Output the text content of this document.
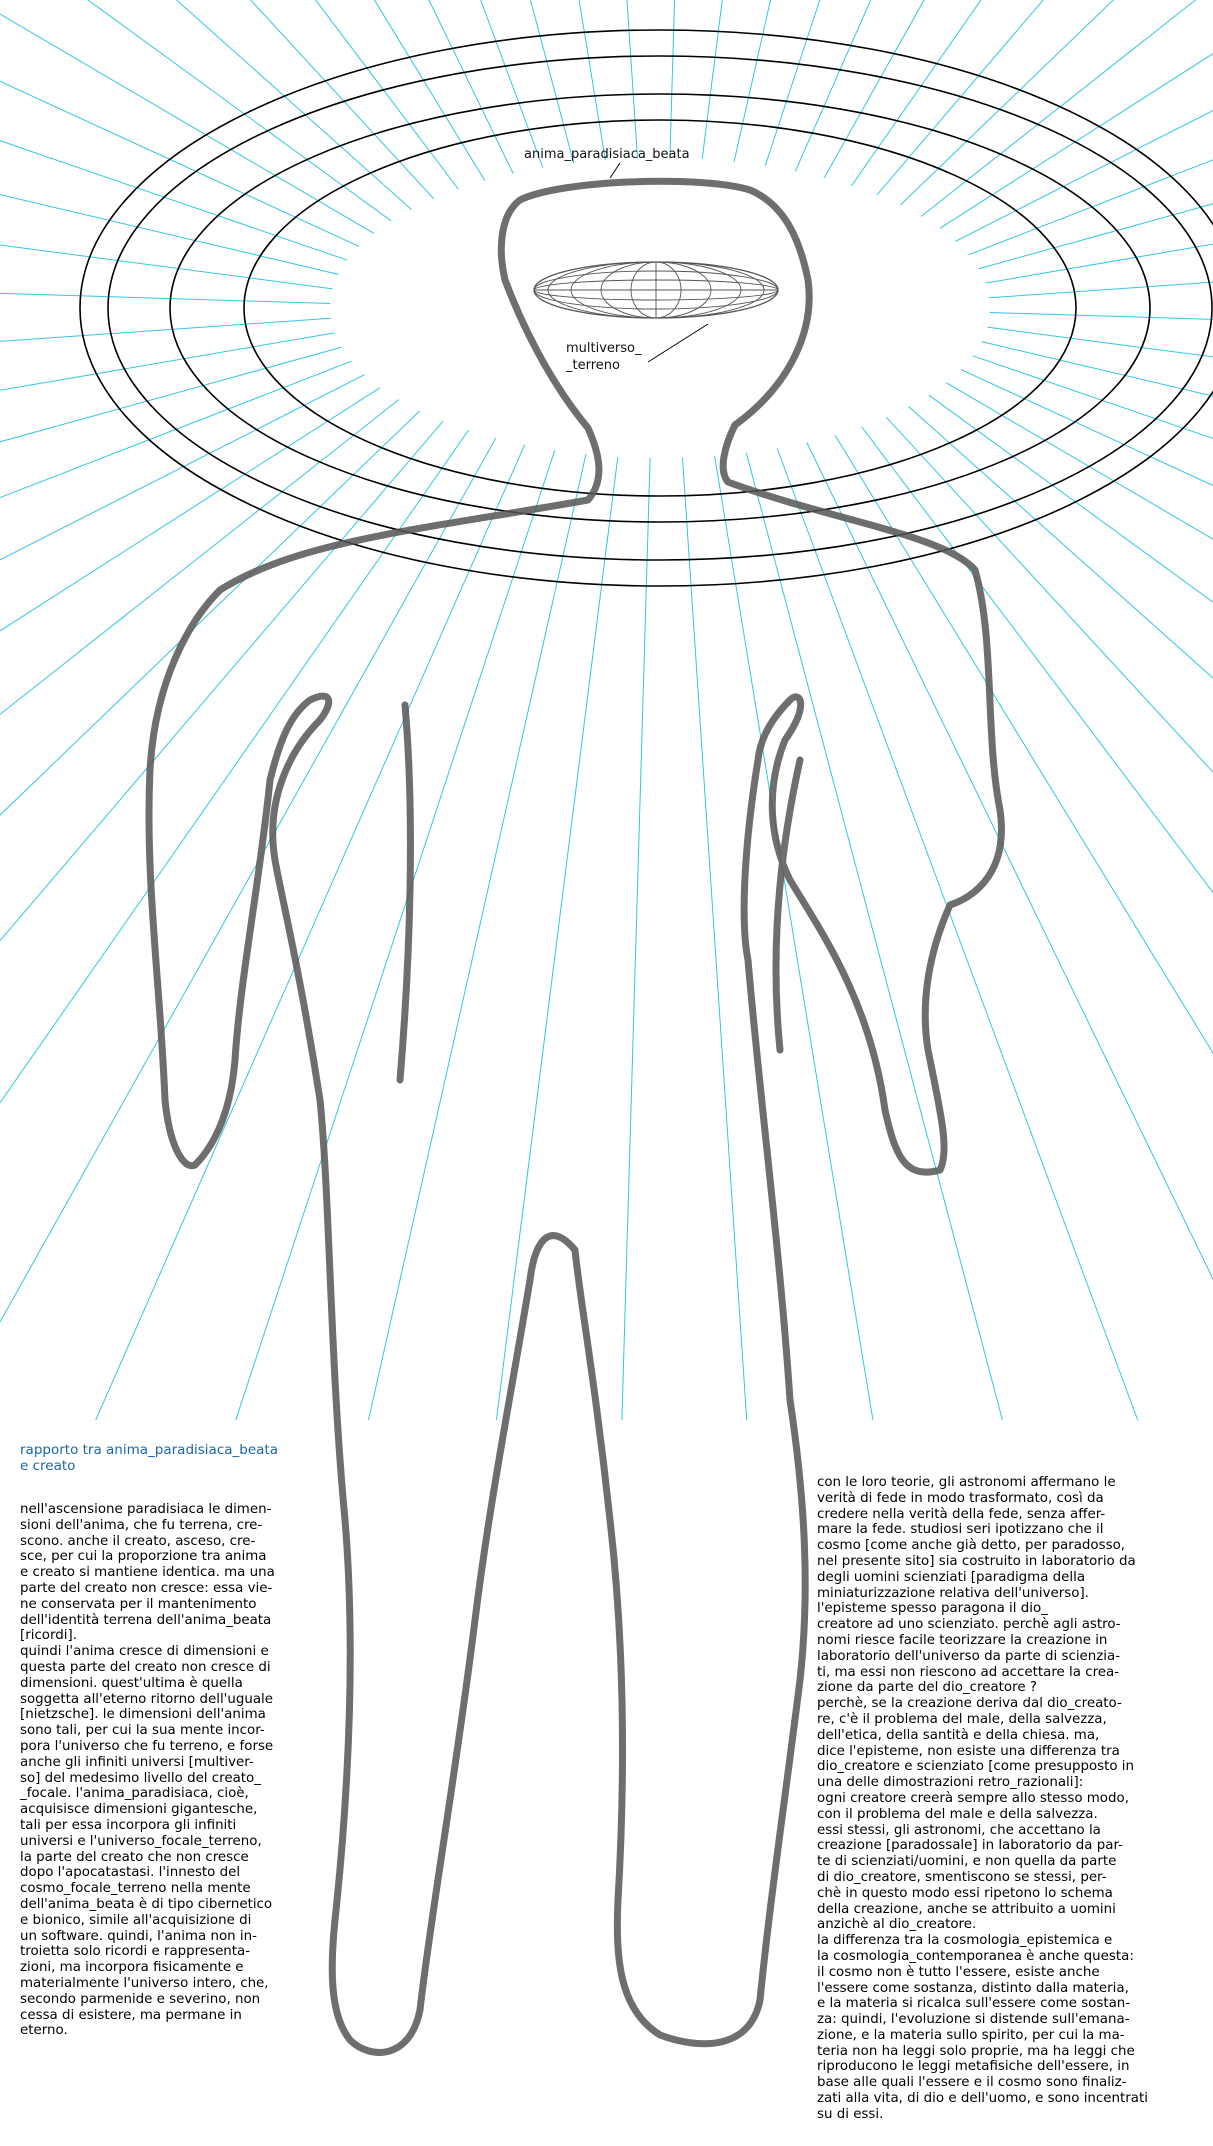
anima_paradisiaca_beata
multiverso_
_terreno
rapporto tra anima_paradisiaca_beata
e creato
nell'ascensione paradisiaca le dimen-
sioni dell'anima, che fu terrena, cre-
scono. anche il creato, asceso, cre-
sce, per cui la proporzione tra anima
e creato si mantiene identica. ma una
parte del creato non cresce: essa vie-
ne conservata per il mantenimento
dell'identità terrena dell'anima_beata
[ricordi].
quindi l'anima cresce di dimensioni e
questa parte del creato non cresce di
dimensioni. quest'ultima è quella
soggetta all'eterno ritorno dell'uguale
[nietzsche]. le dimensioni dell'anima
sono tali, per cui la sua mente incor-
pora l'universo che fu terreno, e forse
anche gli infiniti universi [multiver-
so] del medesimo livello del creato_
_focale. l'anima_paradisiaca, cioè,
acquisisce dimensioni gigantesche,
tali per essa incorpora gli infiniti
universi e l'universo_focale_terreno,
la parte del creato che non cresce
dopo l'apocatastasi. l'innesto del
cosmo_focale_terreno nella mente
dell'anima_beata è di tipo cibernetico
e bionico, simile all'acquisizione di
un software. quindi, l'anima non in-
troietta solo ricordi e rappresenta-
zioni, ma incorpora fisicamente e
materialmente l'universo intero, che,
secondo parmenide e severino, non
cessa di esistere, ma permane in
eterno.
con le loro teorie, gli astronomi affermano le
verità di fede in modo trasformato, così da
credere nella verità della fede, senza affer-
mare la fede. studiosi seri ipotizzano che il
cosmo [come anche già detto, per paradosso,
nel presente sito] sia costruito in laboratorio da
degli uomini scienziati [paradigma della
miniaturizzazione relativa dell'universo].
l'episteme spesso paragona il dio_
creatore ad uno scienziato. perchè agli astro-
nomi riesce facile teorizzare la creazione in
laboratorio dell'universo da parte di scienzia-
ti, ma essi non riescono ad accettare la crea-
zione da parte del dio_creatore ?
perchè, se la creazione deriva dal dio_creato-
re, c'è il problema del male, della salvezza,
dell'etica, della santità e della chiesa. ma,
dice l'episteme, non esiste una differenza tra
dio_creatore e scienziato [come presupposto in
una delle dimostrazioni retro_razionali]:
ogni creatore creerà sempre allo stesso modo,
con il problema del male e della salvezza.
essi stessi, gli astronomi, che accettano la
creazione [paradossale] in laboratorio da par-
te di scienziati/uomini, e non quella da parte
di dio_creatore, smentiscono se stessi, per-
chè in questo modo essi ripetono lo schema
della creazione, anche se attribuito a uomini
anzichè al dio_creatore.
la differenza tra la cosmologia_epistemica e
la cosmologia_contemporanea è anche questa:
il cosmo non è tutto l'essere, esiste anche
l'essere come sostanza, distinto dalla materia,
e la materia si ricalca sull'essere come sostan-
za: quindi, l'evoluzione si distende sull'emana-
zione, e la materia sullo spirito, per cui la ma-
teria non ha leggi solo proprie, ma ha leggi che
riproducono le leggi metafisiche dell'essere, in
base alle quali l'essere e il cosmo sono finaliz-
zati alla vita, di dio e dell'uomo, e sono incentrati
su di essi.
